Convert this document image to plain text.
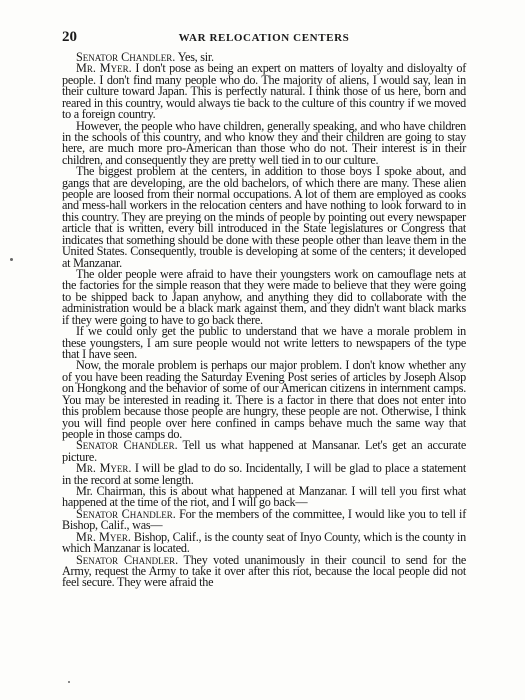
20	WAR RELOCATION CENTERS

Senator Chandler. Yes, sir.

Mr. Myer. I don't pose as being an expert on matters of loyalty and disloyalty of people. I don't find many people who do. The majority of aliens, I would say, lean in their culture toward Japan. This is perfectly natural. I think those of us here, born and reared in this country, would always tie back to the culture of this country if we moved to a foreign country.

However, the people who have children, generally speaking, and who have children in the schools of this country, and who know they and their children are going to stay here, are much more pro-American than those who do not. Their interest is in their children, and consequently they are pretty well tied in to our culture.

The biggest problem at the centers, in addition to those boys I spoke about, and gangs that are developing, are the old bachelors, of which there are many. These alien people are loosed from their normal occupations. A lot of them are employed as cooks and mess-hall workers in the relocation centers and have nothing to look forward to in this country. They are preying on the minds of people by pointing out every newspaper article that is written, every bill introduced in the State legislatures or Congress that indicates that something should be done with these people other than leave them in the United States. Consequently, trouble is developing at some of the centers; it developed at Manzanar.

The older people were afraid to have their youngsters work on camouflage nets at the factories for the simple reason that they were made to believe that they were going to be shipped back to Japan anyhow, and anything they did to collaborate with the administration would be a black mark against them, and they didn't want black marks if they were going to have to go back there.

If we could only get the public to understand that we have a morale problem in these youngsters, I am sure people would not write letters to newspapers of the type that I have seen.

Now, the morale problem is perhaps our major problem. I don't know whether any of you have been reading the Saturday Evening Post series of articles by Joseph Alsop on Hongkong and the behavior of some of our American citizens in internment camps. You may be interested in reading it. There is a factor in there that does not enter into this problem because those people are hungry, these people are not. Otherwise, I think you will find people over here confined in camps behave much the same way that people in those camps do.

Senator Chandler. Tell us what happened at Mansanar. Let's get an accurate picture.

Mr. Myer. I will be glad to do so. Incidentally, I will be glad to place a statement in the record at some length.

Mr. Chairman, this is about what happened at Manzanar. I will tell you first what happened at the time of the riot, and I will go back—

Senator Chandler. For the members of the committee, I would like you to tell if Bishop, Calif., was—

Mr. Myer. Bishop, Calif., is the county seat of Inyo County, which is the county in which Manzanar is located.

Senator Chandler. They voted unanimously in their council to send for the Army, request the Army to take it over after this riot, because the local people did not feel secure. They were afraid the
